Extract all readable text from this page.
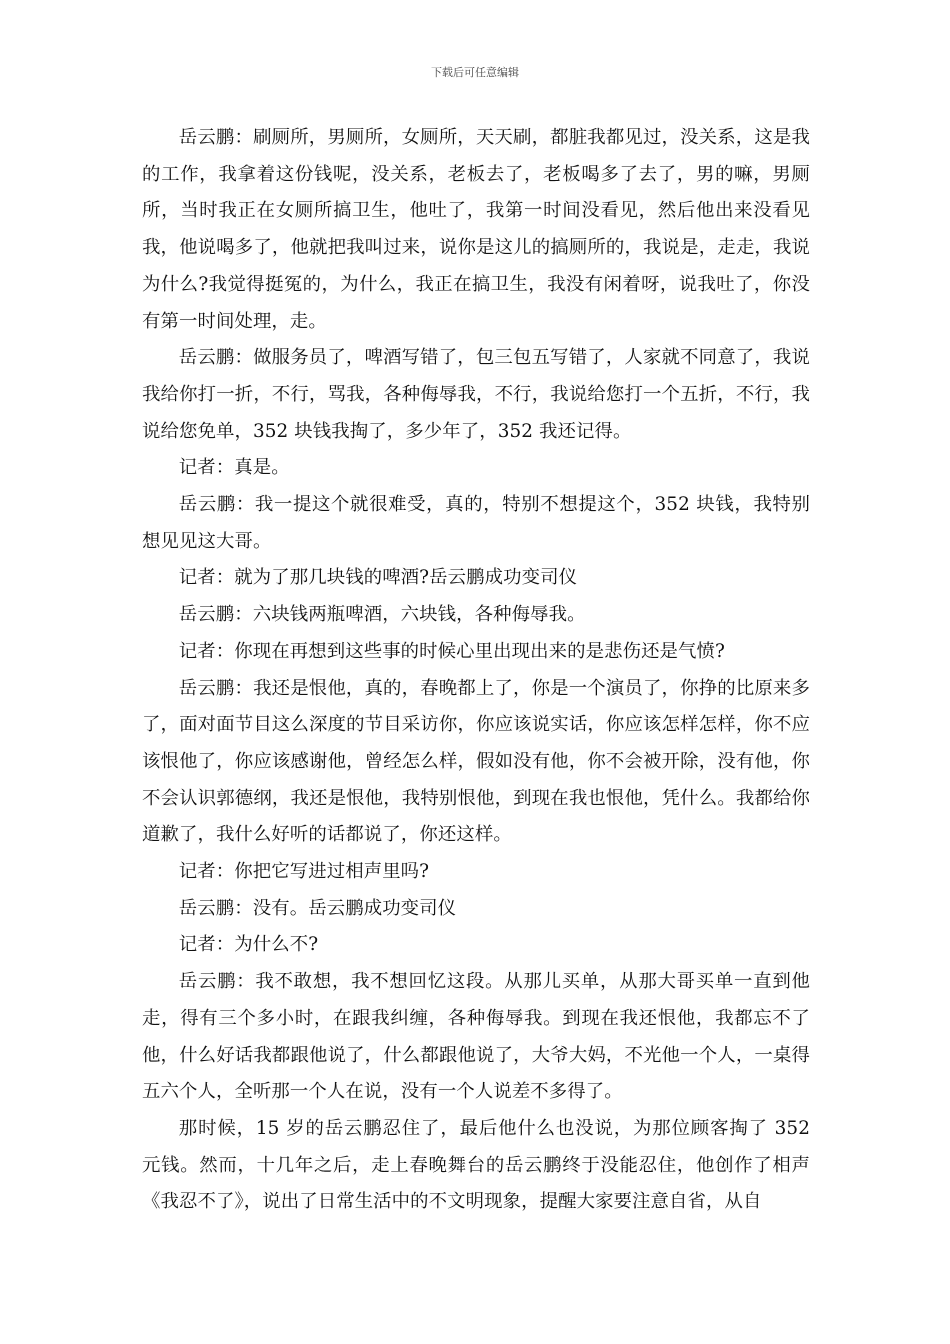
下载后可任意编辑

岳云鹏：刷厕所，男厕所，女厕所，天天刷，都脏我都见过，没关系，这是我的工作，我拿着这份钱呢，没关系，老板去了，老板喝多了去了，男的嘛，男厕所，当时我正在女厕所搞卫生，他吐了，我第一时间没看见，然后他出来没看见我，他说喝多了，他就把我叫过来，说你是这儿的搞厕所的，我说是，走走，我说为什么?我觉得挺冤的，为什么，我正在搞卫生，我没有闲着呀，说我吐了，你没有第一时间处理，走。

岳云鹏：做服务员了，啤酒写错了，包三包五写错了，人家就不同意了，我说我给你打一折，不行，骂我，各种侮辱我，不行，我说给您打一个五折，不行，我说给您免单，352 块钱我掏了，多少年了，352 我还记得。

记者：真是。

岳云鹏：我一提这个就很难受，真的，特别不想提这个，352 块钱，我特别想见见这大哥。

记者：就为了那几块钱的啤酒?岳云鹏成功变司仪

岳云鹏：六块钱两瓶啤酒，六块钱，各种侮辱我。

记者：你现在再想到这些事的时候心里出现出来的是悲伤还是气愤?

岳云鹏：我还是恨他，真的，春晚都上了，你是一个演员了，你挣的比原来多了，面对面节目这么深度的节目采访你，你应该说实话，你应该怎样怎样，你不应该恨他了，你应该感谢他，曾经怎么样，假如没有他，你不会被开除，没有他，你不会认识郭德纲，我还是恨他，我特别恨他，到现在我也恨他，凭什么。我都给你道歉了，我什么好听的话都说了，你还这样。

记者：你把它写进过相声里吗?

岳云鹏：没有。岳云鹏成功变司仪

记者：为什么不?

岳云鹏：我不敢想，我不想回忆这段。从那儿买单，从那大哥买单一直到他走，得有三个多小时，在跟我纠缠，各种侮辱我。到现在我还恨他，我都忘不了他，什么好话我都跟他说了，什么都跟他说了，大爷大妈，不光他一个人，一桌得五六个人，全听那一个人在说，没有一个人说差不多得了。

那时候，15 岁的岳云鹏忍住了，最后他什么也没说，为那位顾客掏了 352 元钱。然而，十几年之后，走上春晚舞台的岳云鹏终于没能忍住，他创作了相声《我忍不了》，说出了日常生活中的不文明现象，提醒大家要注意自省，从自
